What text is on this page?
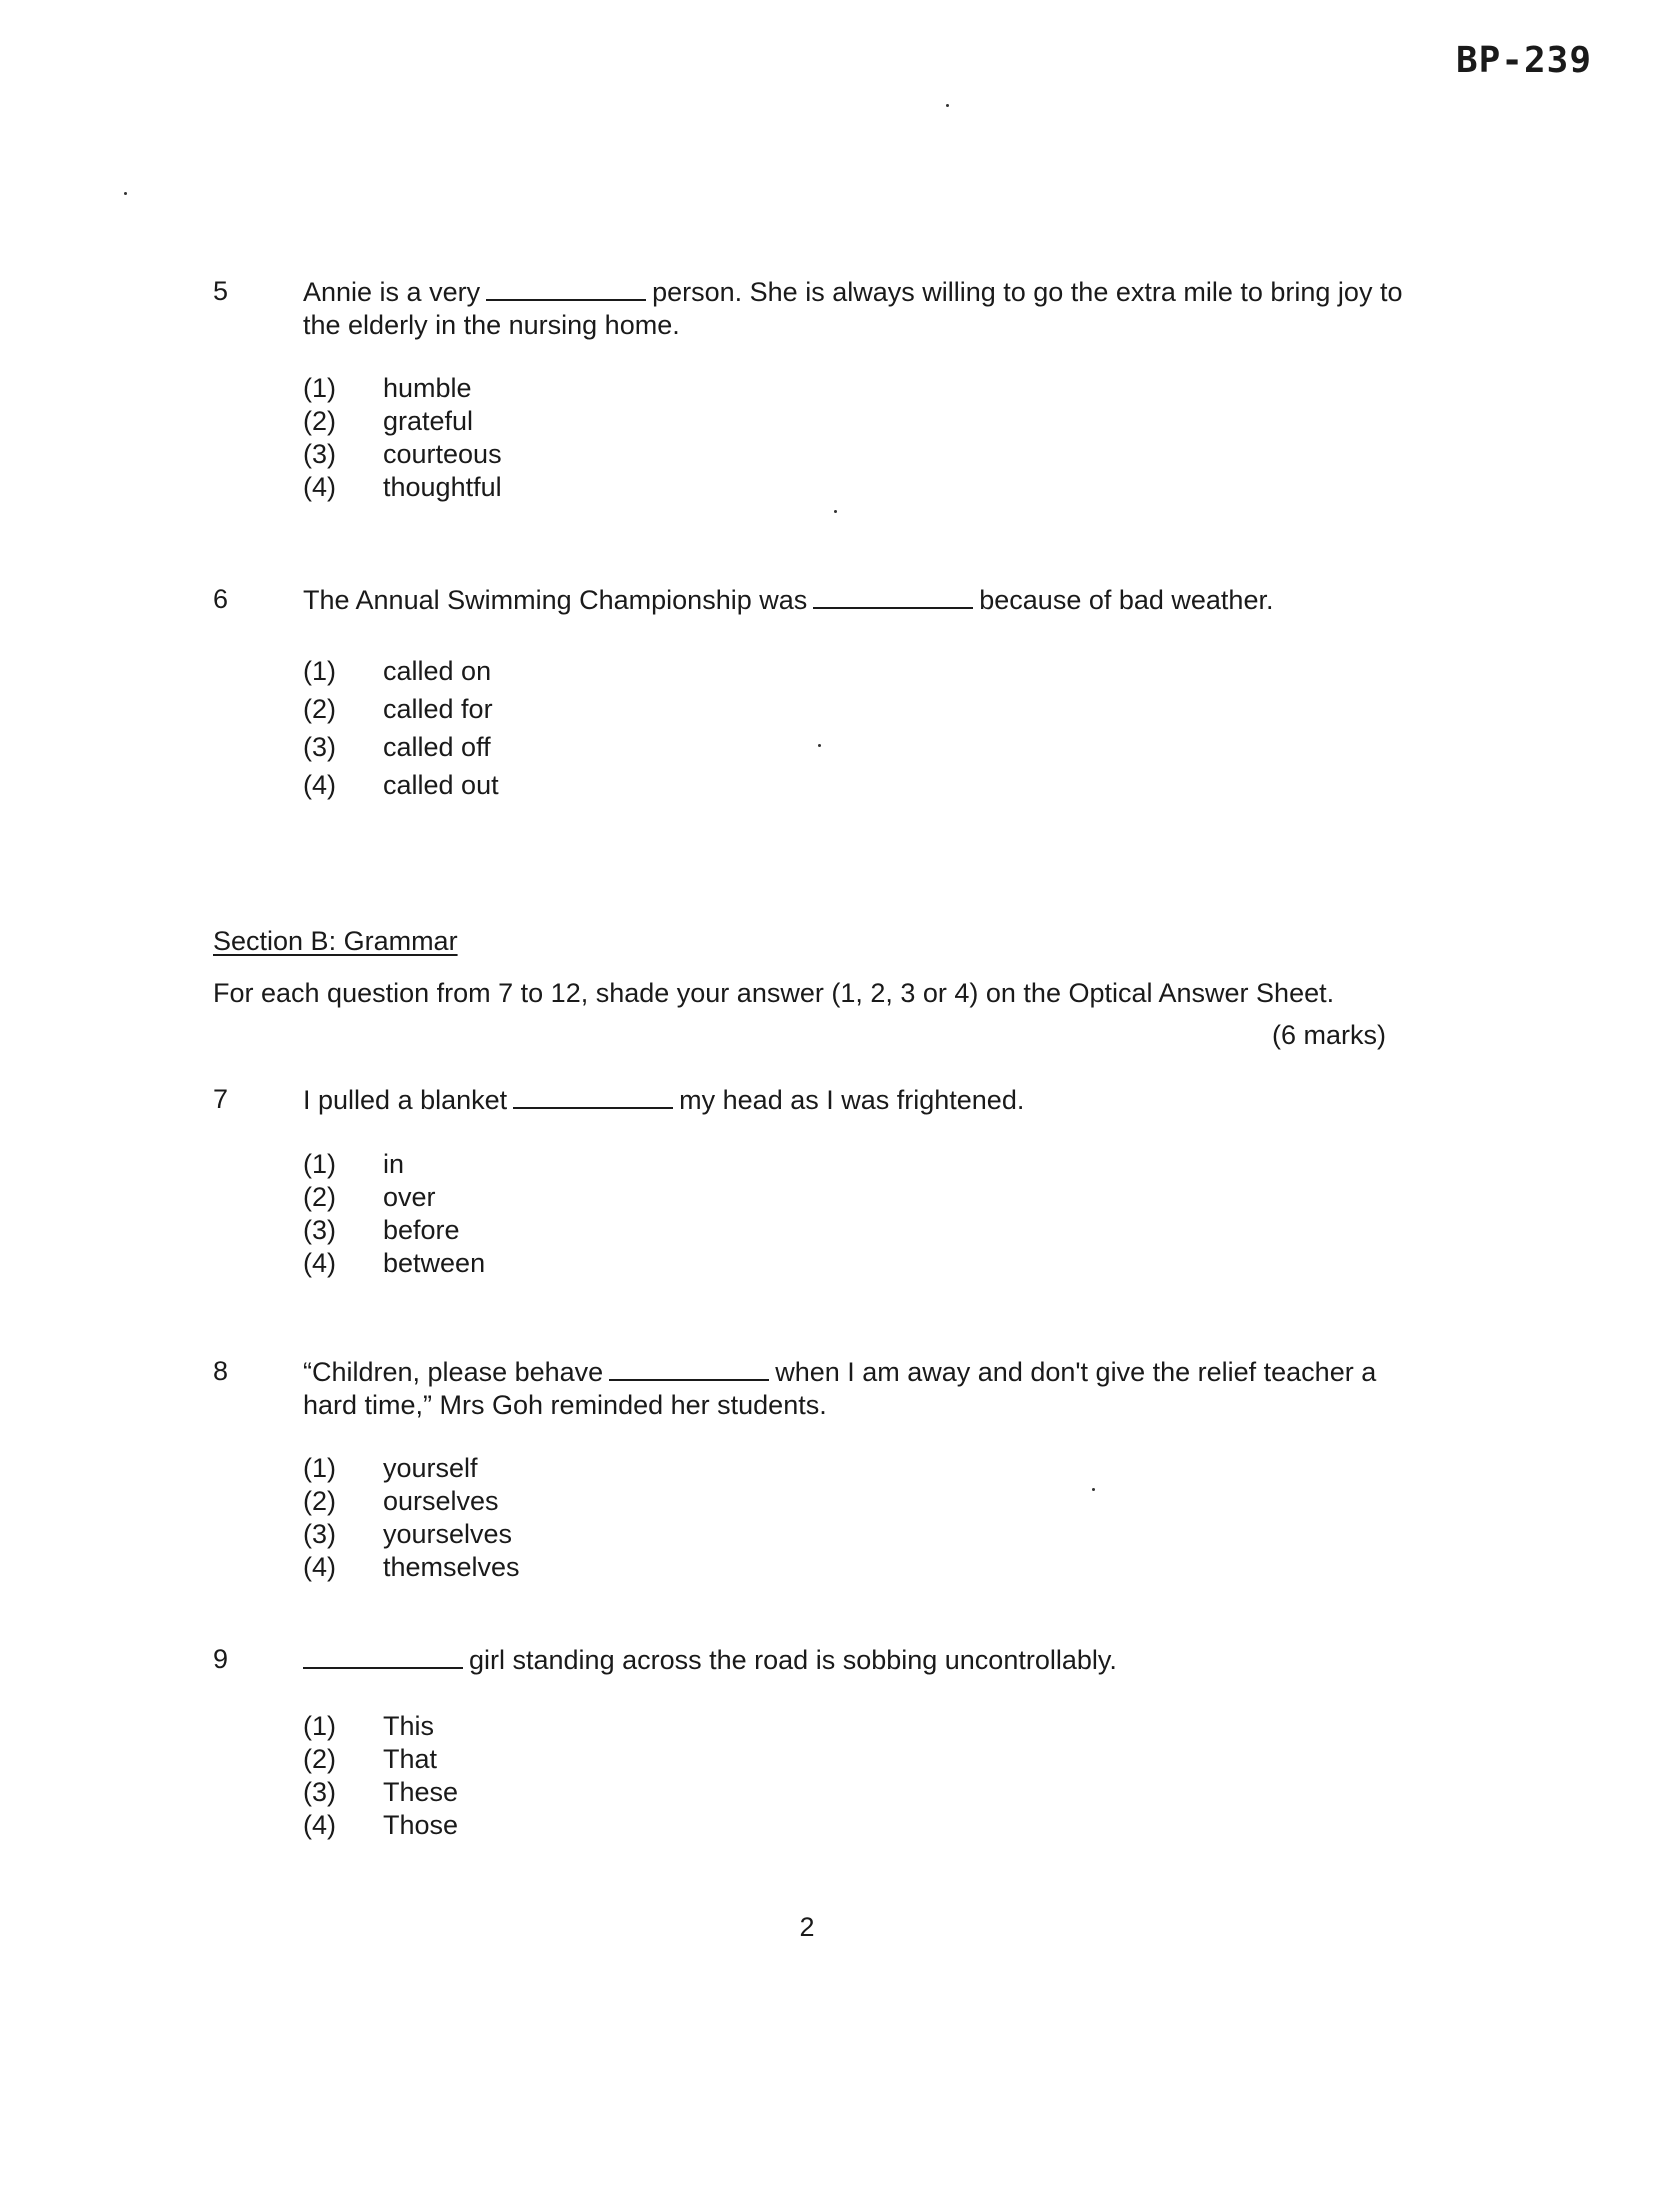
BP-239
5	Annie is a very	person. She is always willing to go the extra mile to bring joy to the elderly in the nursing home.
(1) humble
(2) grateful
(3) courteous
(4) thoughtful
6	The Annual Swimming Championship was	because of bad weather.
(1) called on
(2) called for
(3) called off
(4) called out
Section B: Grammar
For each question from 7 to 12, shade your answer (1, 2, 3 or 4) on the Optical Answer Sheet.
(6 marks)
7	I pulled a blanket	my head as I was frightened.
(1) in
(2) over
(3) before
(4) between
8	“Children, please behave	when I am away and don't give the relief teacher a hard time,” Mrs Goh reminded her students.
(1) yourself
(2) ourselves
(3) yourselves
(4) themselves
9	girl standing across the road is sobbing uncontrollably.
(1) This
(2) That
(3) These
(4) Those
2
